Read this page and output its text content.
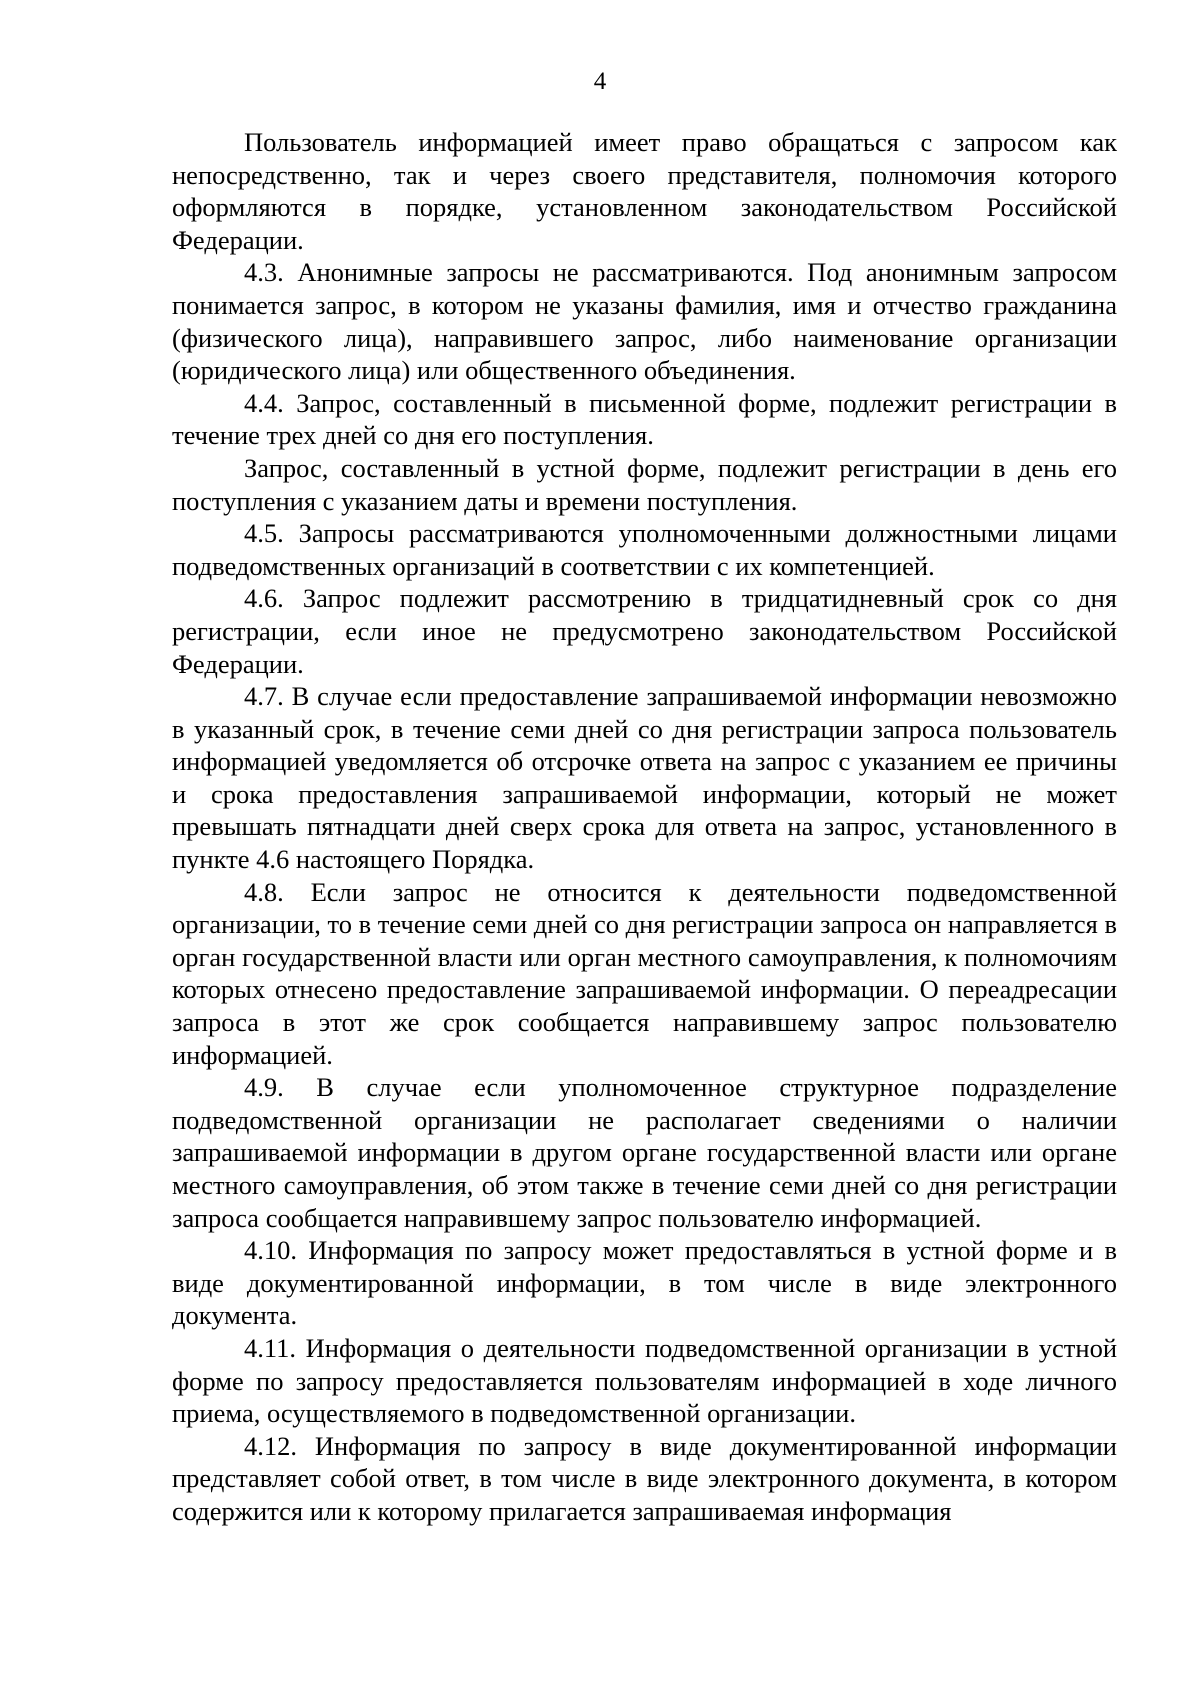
4

Пользователь информацией имеет право обращаться с запросом как непосредственно, так и через своего представителя, полномочия которого оформляются в порядке, установленном законодательством Российской Федерации.

4.3. Анонимные запросы не рассматриваются. Под анонимным запросом понимается запрос, в котором не указаны фамилия, имя и отчество гражданина (физического лица), направившего запрос, либо наименование организации (юридического лица) или общественного объединения.

4.4. Запрос, составленный в письменной форме, подлежит регистрации в течение трех дней со дня его поступления.

Запрос, составленный в устной форме, подлежит регистрации в день его поступления с указанием даты и времени поступления.

4.5. Запросы рассматриваются уполномоченными должностными лицами подведомственных организаций в соответствии с их компетенцией.

4.6. Запрос подлежит рассмотрению в тридцатидневный срок со дня регистрации, если иное не предусмотрено законодательством Российской Федерации.

4.7. В случае если предоставление запрашиваемой информации невозможно в указанный срок, в течение семи дней со дня регистрации запроса пользователь информацией уведомляется об отсрочке ответа на запрос с указанием ее причины и срока предоставления запрашиваемой информации, который не может превышать пятнадцати дней сверх срока для ответа на запрос, установленного в пункте 4.6 настоящего Порядка.

4.8. Если запрос не относится к деятельности подведомственной организации, то в течение семи дней со дня регистрации запроса он направляется в орган государственной власти или орган местного самоуправления, к полномочиям которых отнесено предоставление запрашиваемой информации. О переадресации запроса в этот же срок сообщается направившему запрос пользователю информацией.

4.9. В случае если уполномоченное структурное подразделение подведомственной организации не располагает сведениями о наличии запрашиваемой информации в другом органе государственной власти или органе местного самоуправления, об этом также в течение семи дней со дня регистрации запроса сообщается направившему запрос пользователю информацией.

4.10. Информация по запросу может предоставляться в устной форме и в виде документированной информации, в том числе в виде электронного документа.

4.11. Информация о деятельности подведомственной организации в устной форме по запросу предоставляется пользователям информацией в ходе личного приема, осуществляемого в подведомственной организации.

4.12. Информация по запросу в виде документированной информации представляет собой ответ, в том числе в виде электронного документа, в котором содержится или к которому прилагается запрашиваемая информация
